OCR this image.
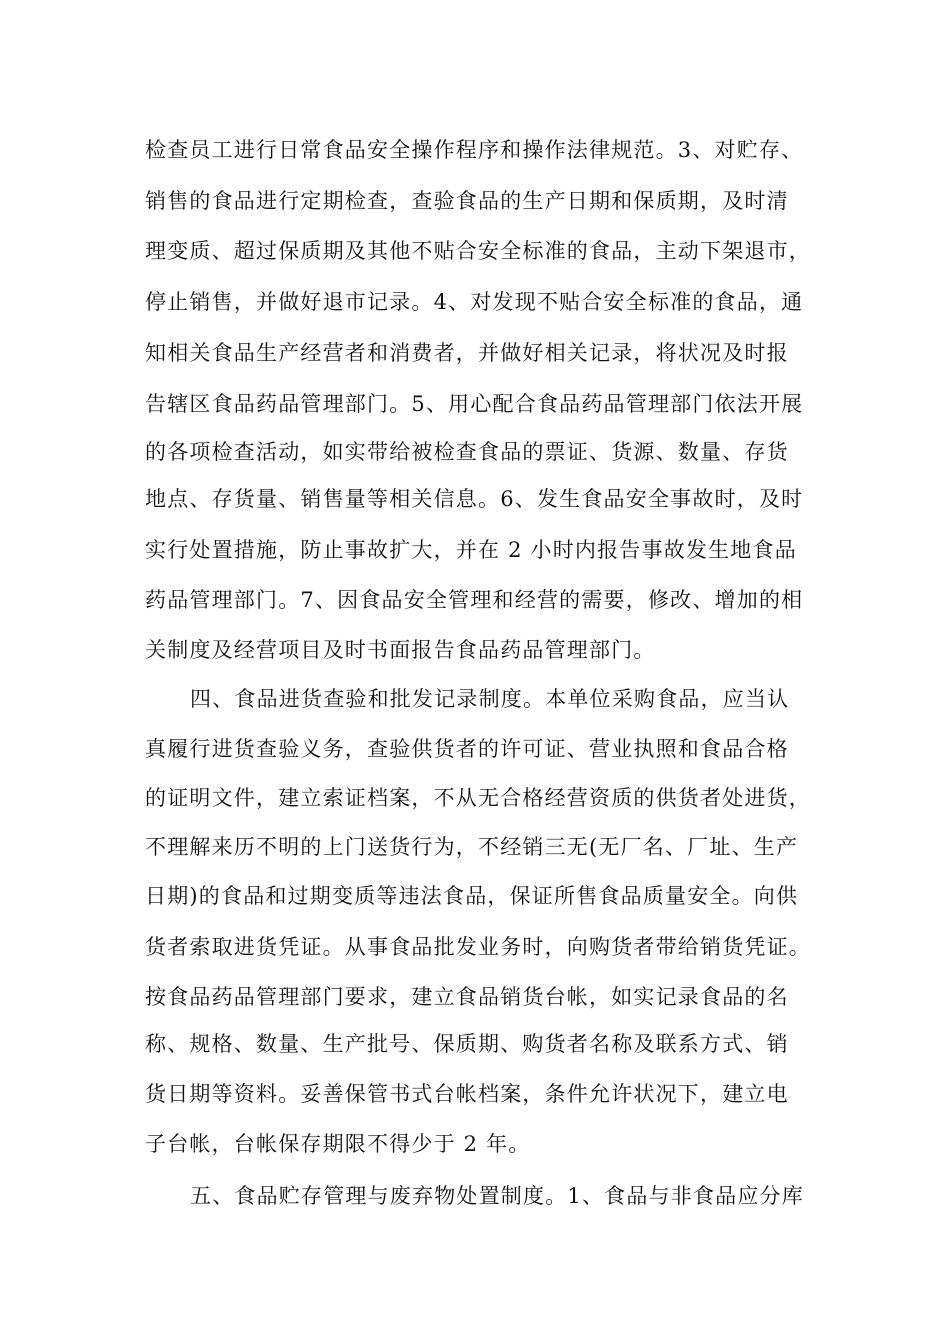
检查员工进行日常食品安全操作程序和操作法律规范。3、对贮存、
销售的食品进行定期检查，查验食品的生产日期和保质期，及时清
理变质、超过保质期及其他不贴合安全标准的食品，主动下架退市，
停止销售，并做好退市记录。4、对发现不贴合安全标准的食品，通
知相关食品生产经营者和消费者，并做好相关记录，将状况及时报
告辖区食品药品管理部门。5、用心配合食品药品管理部门依法开展
的各项检查活动，如实带给被检查食品的票证、货源、数量、存货
地点、存货量、销售量等相关信息。6、发生食品安全事故时，及时
实行处置措施，防止事故扩大，并在 2 小时内报告事故发生地食品
药品管理部门。7、因食品安全管理和经营的需要，修改、增加的相
关制度及经营项目及时书面报告食品药品管理部门。
四、食品进货查验和批发记录制度。本单位采购食品，应当认
真履行进货查验义务，查验供货者的许可证、营业执照和食品合格
的证明文件，建立索证档案，不从无合格经营资质的供货者处进货，
不理解来历不明的上门送货行为，不经销三无(无厂名、厂址、生产
日期)的食品和过期变质等违法食品，保证所售食品质量安全。向供
货者索取进货凭证。从事食品批发业务时，向购货者带给销货凭证。
按食品药品管理部门要求，建立食品销货台帐，如实记录食品的名
称、规格、数量、生产批号、保质期、购货者名称及联系方式、销
货日期等资料。妥善保管书式台帐档案，条件允许状况下，建立电
子台帐，台帐保存期限不得少于 2 年。
五、食品贮存管理与废弃物处置制度。1、食品与非食品应分库
